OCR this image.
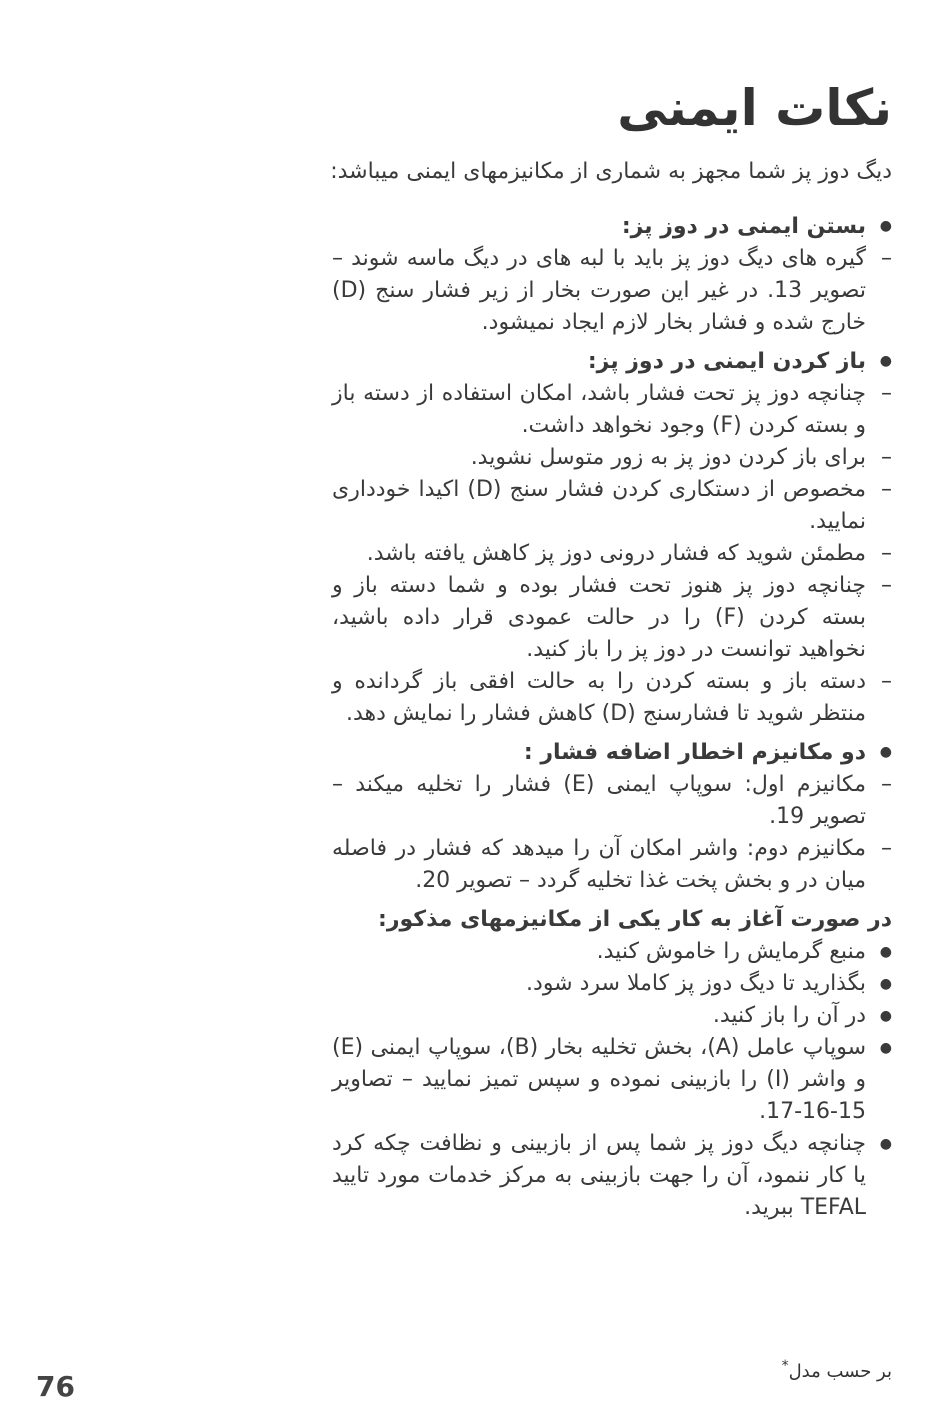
نکات ایمنی

دیگ دوز پز شما مجهز به شماری از مکانیزمهای ایمنی میباشد:

● بستن ایمنی در دوز پز:
– گیره های دیگ دوز پز باید با لبه های در دیگ ماسه شوند – تصویر 13. در غیر این صورت بخار از زیر فشار سنج (D) خارج شده و فشار بخار لازم ایجاد نمیشود.
● باز کردن ایمنی در دوز پز:
– چنانچه دوز پز تحت فشار باشد، امکان استفاده از دسته باز و بسته کردن (F) وجود نخواهد داشت.
– برای باز کردن دوز پز به زور متوسل نشوید.
– مخصوص از دستکاری کردن فشار سنج (D) اکیدا خودداری نمایید.
– مطمئن شوید که فشار درونی دوز پز کاهش یافته باشد.
– چنانچه دوز پز هنوز تحت فشار بوده و شما دسته باز و بسته کردن (F) را در حالت عمودی قرار داده باشید، نخواهید توانست در دوز پز را باز کنید.
– دسته باز و بسته کردن را به حالت افقی باز گردانده و منتظر شوید تا فشارسنج (D) کاهش فشار را نمایش دهد.
● دو مکانیزم اخطار اضافه فشار :
– مکانیزم اول: سوپاپ ایمنی (E) فشار را تخلیه میکند – تصویر 19.
– مکانیزم دوم: واشر امکان آن را میدهد که فشار در فاصله میان در و بخش پخت غذا تخلیه گردد – تصویر 20.
در صورت آغاز به کار یکی از مکانیزمهای مذکور:
● منبع گرمایش را خاموش کنید.
● بگذارید تا دیگ دوز پز کاملا سرد شود.
● در آن را باز کنید.
● سوپاپ عامل (A)، بخش تخلیه بخار (B)، سوپاپ ایمنی (E) و واشر (I) را بازبینی نموده و سپس تمیز نمایید – تصاویر 15-16-17.
● چنانچه دیگ دوز پز شما پس از بازبینی و نظافت چکه کرد یا کار ننمود، آن را جهت بازبینی به مرکز خدمات مورد تایید TEFAL ببرید.
بر حسب مدل*
76
